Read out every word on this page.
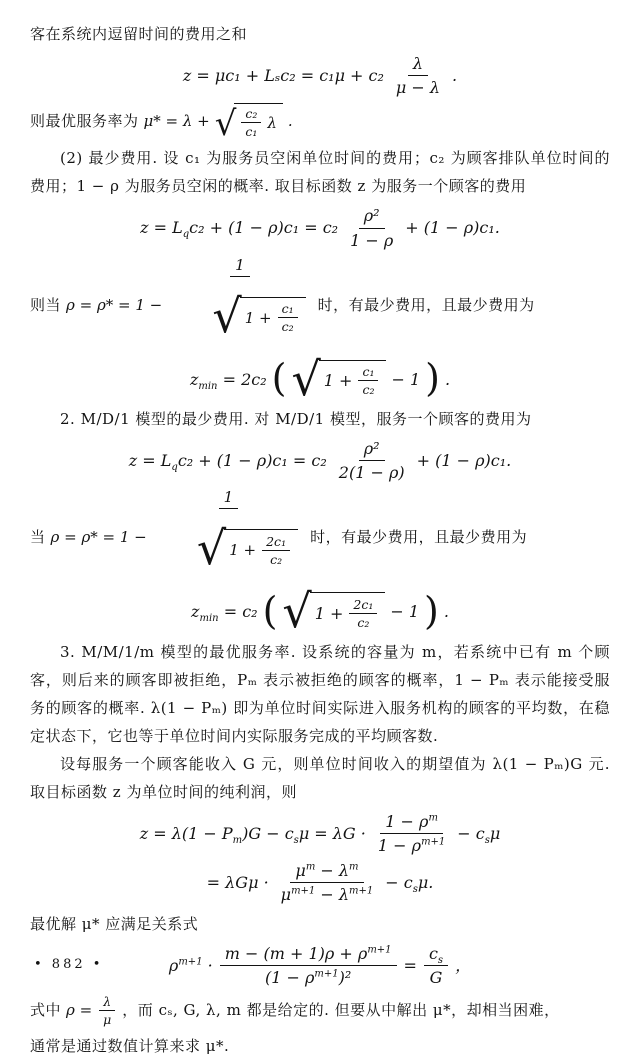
客在系统内逗留时间的费用之和

$z = \mu c_1 + L_sc_2 = c_1\mu + c_2 \frac{\lambda}{\mu - \lambda}$ .
则最优服务率为 μ* = λ + √ $\frac{\text{c₂}}{\text{c₁}}$ λ .

(2) 最少费用. 设 c₁ 为服务员空闲单位时间的费用；c₂ 为顾客排队单位时间的费用；1 − ρ 为服务员空闲的概率. 取目标函数 z 为服务一个顾客的费用

$z = L_qc_2 + (1 - \rho)c_1 = c_2 \frac{\text{ρ²}}{1 - \rho} + (1 - \rho)c_1$.
则当 ρ = ρ* = 1 −
1

√ $1 + \frac{\text{c₁}}{\text{c₂}}$

时，有最少费用，且最少费用为
$z_{min} = 2c_2$ ( √ $1 + \frac{\text{c₁}}{\text{c₂}} - 1$ ) .

2. M/D/1 模型的最少费用. 对 M/D/1 模型，服务一个顾客的费用为

$z = L_qc_2 + (1 - \rho)c_1 = c_2 \frac{\text{ρ²}}{2(1 - \rho)} + (1 - \rho)c_1$.
当 ρ = ρ* = 1 −
1

√ $1 + \frac{\text{2c₁}}{\text{c₂}}$

时，有最少费用，且最少费用为
$z_{min} = c_2$ ( √ $1 + \frac{\text{2c₁}}{\text{c₂}} - 1$ ) .

3. M/M/1/m 模型的最优服务率. 设系统的容量为 m，若系统中已有 m 个顾客，则后来的顾客即被拒绝，Pₘ 表示被拒绝的顾客的概率，1 − Pₘ 表示能接受服务的顾客的概率. λ(1 − Pₘ) 即为单位时间实际进入服务机构的顾客的平均数，在稳定状态下，它也等于单位时间内实际服务完成的平均顾客数.

设每服务一个顾客能收入 G 元，则单位时间收入的期望值为 λ(1 − Pₘ)G 元. 取目标函数 z 为单位时间的纯利润，则

$z = \lambda(1 - P_m)G - c_s\mu = \lambda G \cdot \frac{1 - \rho^m}{1 - \rho^{m+1}} - c_s\mu$
= $\lambda G\mu \cdot \frac{\mu^m - \lambda^m}{\mu^{m+1} - \lambda^{m+1}} - c_s\mu$.

最优解 μ* 应满足关系式

$\rho^{m+1} \cdot \frac{m - (m + 1)\rho + \rho^{m+1}}{(1 - \rho^{m+1})^2} = \frac{c_s}{G}$ ，
式中 $\rho = \frac{\lambda}{\mu}$ ，而 cₛ, G, λ, m 都是给定的. 但要从中解出 μ*，却相当困难，

通常是通过数值计算来求 μ*.

• 882 •
